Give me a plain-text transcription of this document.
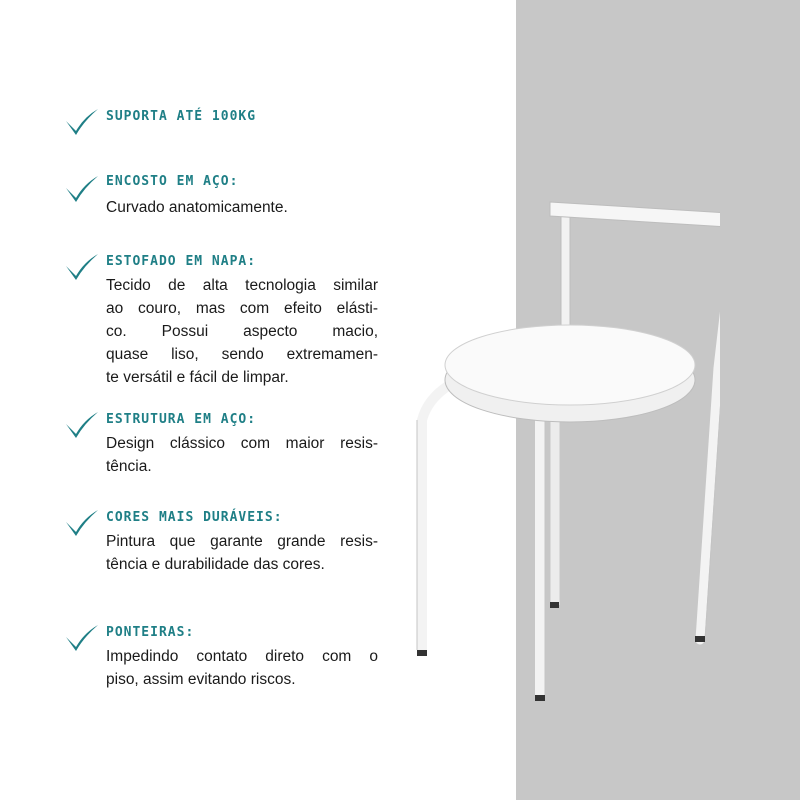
SUPORTA ATÉ 100KG
ENCOSTO EM AÇO:
Curvado anatomicamente.
ESTOFADO EM NAPA:
Tecido de alta tecnologia similar
ao couro, mas com efeito elásti-
co. Possui aspecto macio,
quase liso, sendo extremamen-
te versátil e fácil de limpar.
ESTRUTURA EM AÇO:
Design clássico com maior resis-
tência.
CORES MAIS DURÁVEIS:
Pintura que garante grande resis-
tência e durabilidade das cores.
PONTEIRAS:
Impedindo contato direto com o
piso, assim evitando riscos.
